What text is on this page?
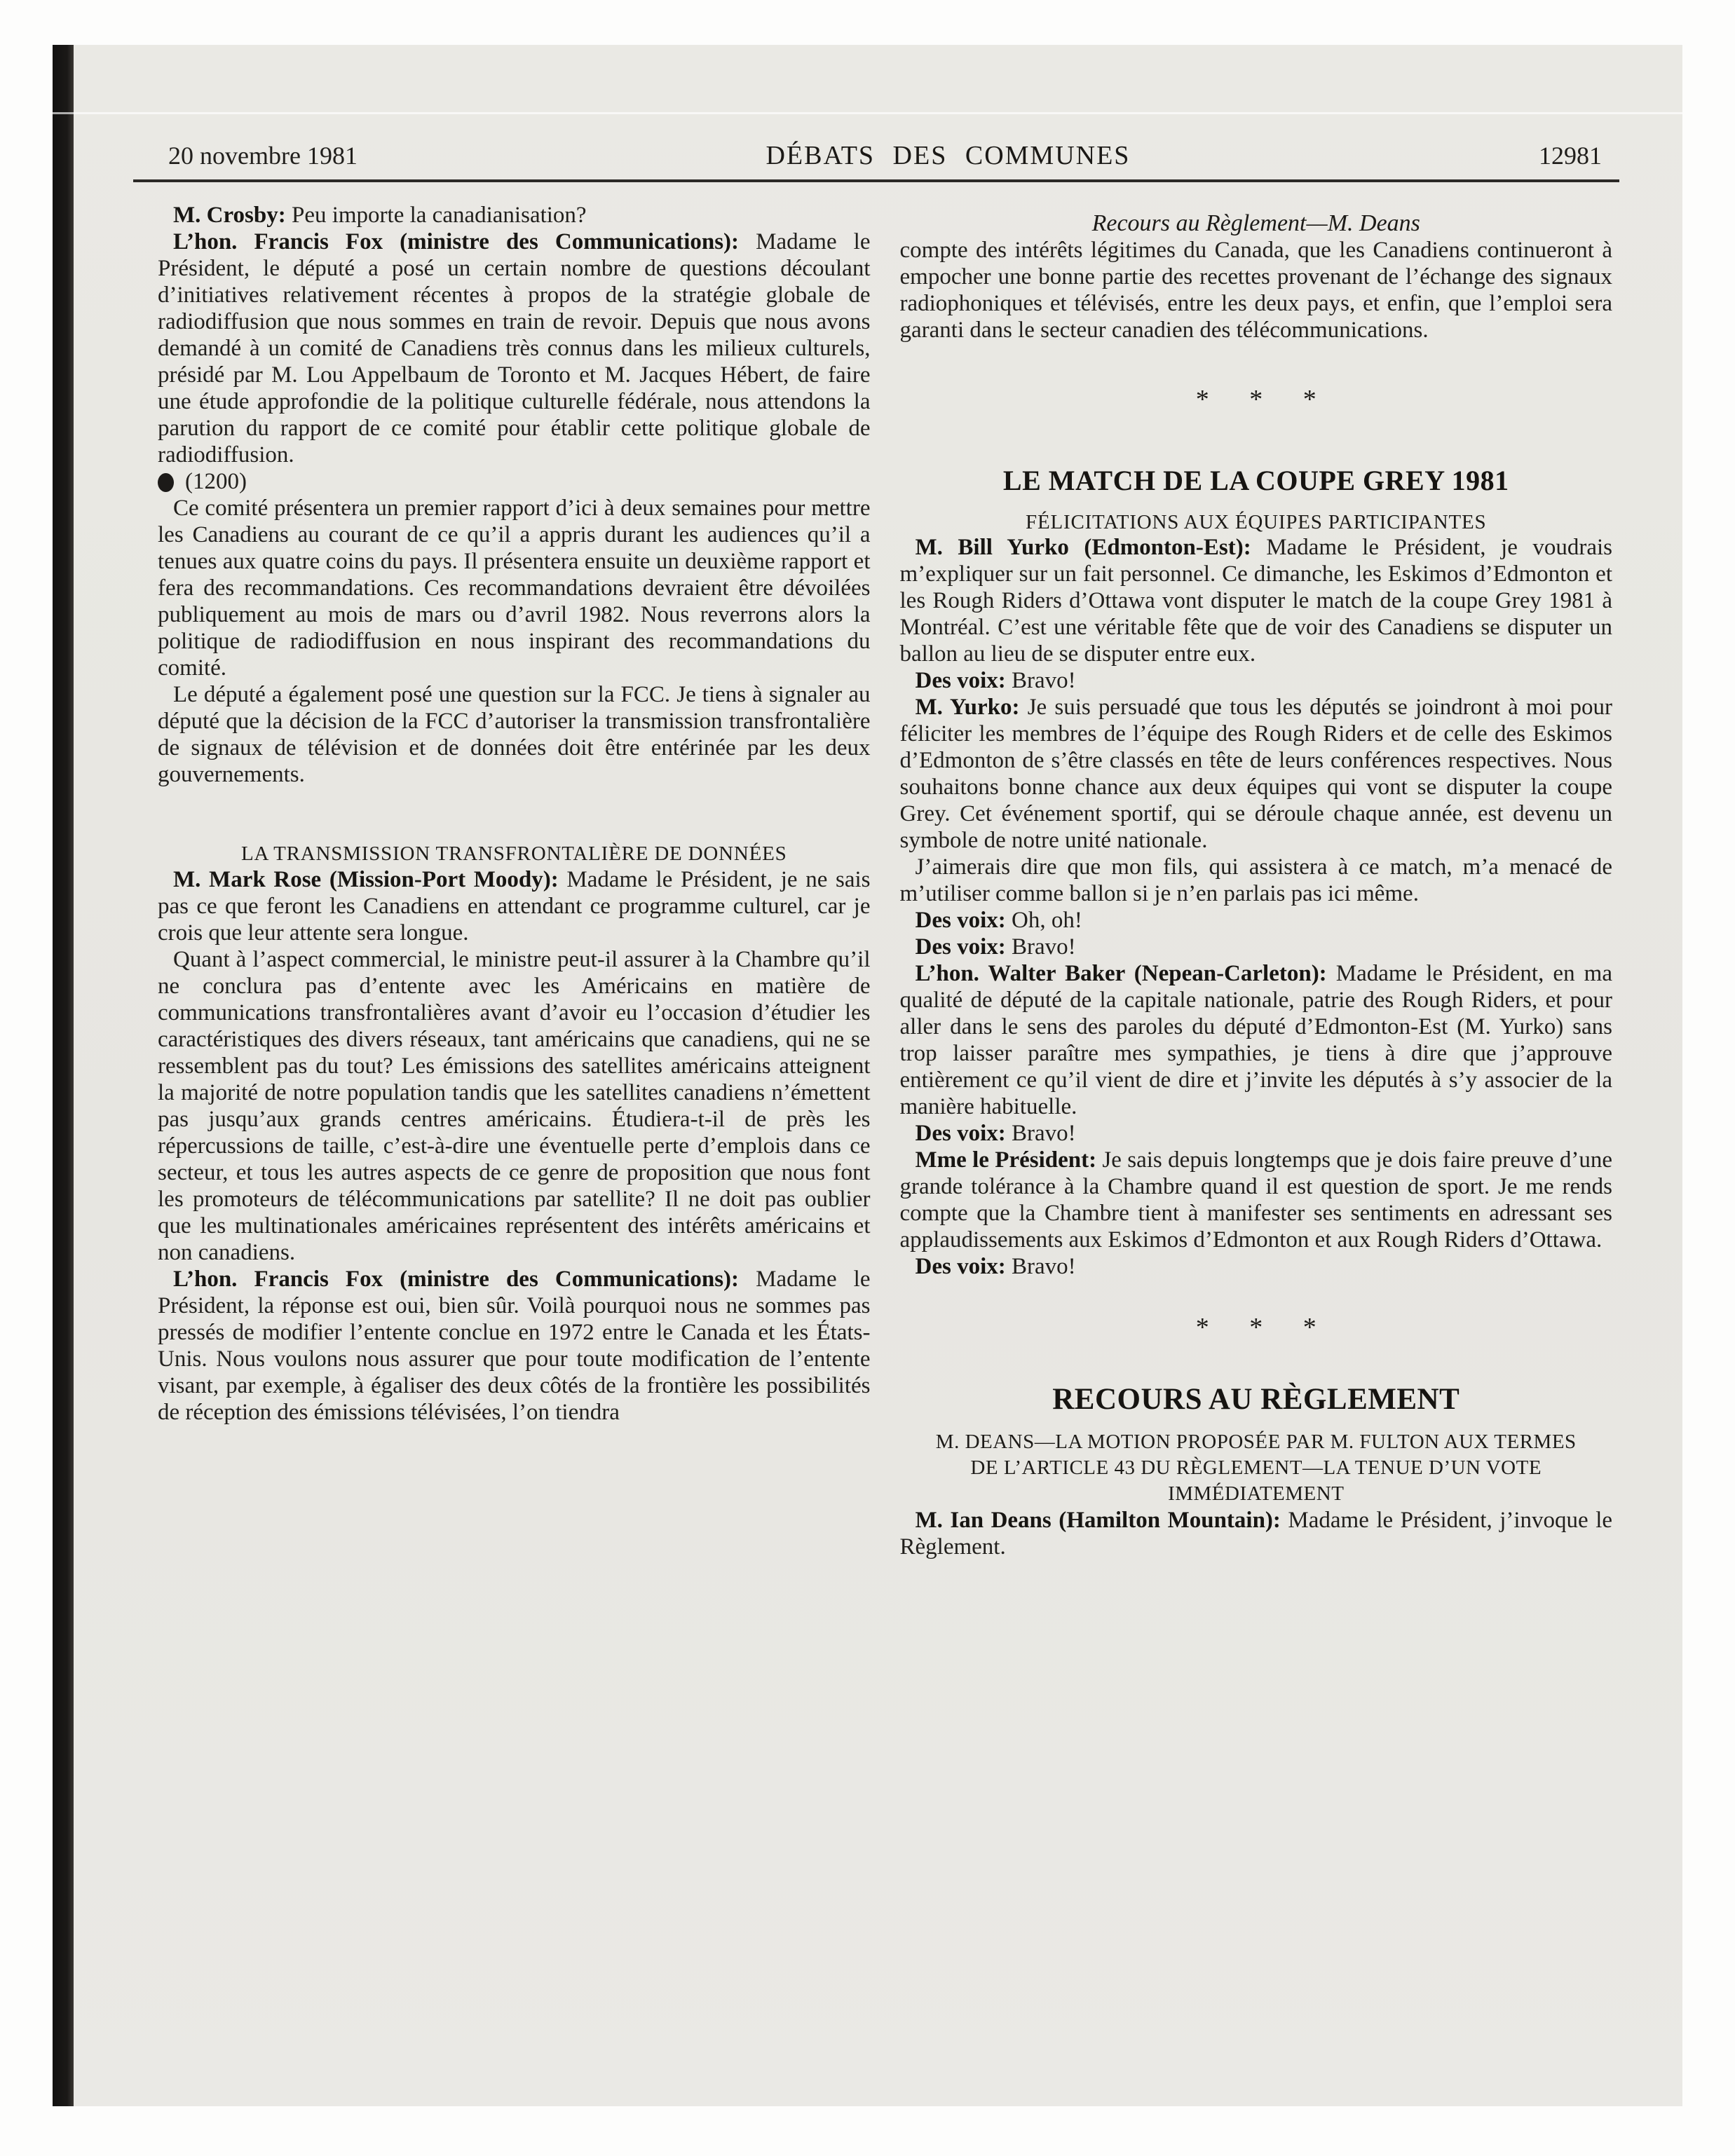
20 novembre 1981	DÉBATS DES COMMUNES	12981

M. Crosby: Peu importe la canadianisation?

L’hon. Francis Fox (ministre des Communications): Madame le Président, le député a posé un certain nombre de questions découlant d’initiatives relativement récentes à propos de la stratégie globale de radiodiffusion que nous sommes en train de revoir. Depuis que nous avons demandé à un comité de Canadiens très connus dans les milieux culturels, présidé par M. Lou Appelbaum de Toronto et M. Jacques Hébert, de faire une étude approfondie de la politique culturelle fédérale, nous attendons la parution du rapport de ce comité pour établir cette politique globale de radiodiffusion.

(1200)

Ce comité présentera un premier rapport d’ici à deux semaines pour mettre les Canadiens au courant de ce qu’il a appris durant les audiences qu’il a tenues aux quatre coins du pays. Il présentera ensuite un deuxième rapport et fera des recommandations. Ces recommandations devraient être dévoilées publiquement au mois de mars ou d’avril 1982. Nous reverrons alors la politique de radiodiffusion en nous inspirant des recommandations du comité.

Le député a également posé une question sur la FCC. Je tiens à signaler au député que la décision de la FCC d’autoriser la transmission transfrontalière de signaux de télévision et de données doit être entérinée par les deux gouvernements.

LA TRANSMISSION TRANSFRONTALIÈRE DE DONNÉES

M. Mark Rose (Mission-Port Moody): Madame le Président, je ne sais pas ce que feront les Canadiens en attendant ce programme culturel, car je crois que leur attente sera longue.

Quant à l’aspect commercial, le ministre peut-il assurer à la Chambre qu’il ne conclura pas d’entente avec les Américains en matière de communications transfrontalières avant d’avoir eu l’occasion d’étudier les caractéristiques des divers réseaux, tant américains que canadiens, qui ne se ressemblent pas du tout? Les émissions des satellites américains atteignent la majorité de notre population tandis que les satellites canadiens n’émettent pas jusqu’aux grands centres américains. Étudiera-t-il de près les répercussions de taille, c’est-à-dire une éventuelle perte d’emplois dans ce secteur, et tous les autres aspects de ce genre de proposition que nous font les promoteurs de télécommunications par satellite? Il ne doit pas oublier que les multinationales américaines représentent des intérêts américains et non canadiens.

L’hon. Francis Fox (ministre des Communications): Madame le Président, la réponse est oui, bien sûr. Voilà pourquoi nous ne sommes pas pressés de modifier l’entente conclue en 1972 entre le Canada et les États-Unis. Nous voulons nous assurer que pour toute modification de l’entente visant, par exemple, à égaliser des deux côtés de la frontière les possibilités de réception des émissions télévisées, l’on tiendra

Recours au Règlement—M. Deans

compte des intérêts légitimes du Canada, que les Canadiens continueront à empocher une bonne partie des recettes provenant de l’échange des signaux radiophoniques et télévisés, entre les deux pays, et enfin, que l’emploi sera garanti dans le secteur canadien des télécommunications.

* * *
LE MATCH DE LA COUPE GREY 1981
FÉLICITATIONS AUX ÉQUIPES PARTICIPANTES

M. Bill Yurko (Edmonton-Est): Madame le Président, je voudrais m’expliquer sur un fait personnel. Ce dimanche, les Eskimos d’Edmonton et les Rough Riders d’Ottawa vont disputer le match de la coupe Grey 1981 à Montréal. C’est une véritable fête que de voir des Canadiens se disputer un ballon au lieu de se disputer entre eux.

Des voix: Bravo!

M. Yurko: Je suis persuadé que tous les députés se joindront à moi pour féliciter les membres de l’équipe des Rough Riders et de celle des Eskimos d’Edmonton de s’être classés en tête de leurs conférences respectives. Nous souhaitons bonne chance aux deux équipes qui vont se disputer la coupe Grey. Cet événement sportif, qui se déroule chaque année, est devenu un symbole de notre unité nationale.

J’aimerais dire que mon fils, qui assistera à ce match, m’a menacé de m’utiliser comme ballon si je n’en parlais pas ici même.

Des voix: Oh, oh!

Des voix: Bravo!

L’hon. Walter Baker (Nepean-Carleton): Madame le Président, en ma qualité de député de la capitale nationale, patrie des Rough Riders, et pour aller dans le sens des paroles du député d’Edmonton-Est (M. Yurko) sans trop laisser paraître mes sympathies, je tiens à dire que j’approuve entièrement ce qu’il vient de dire et j’invite les députés à s’y associer de la manière habituelle.

Des voix: Bravo!

Mme le Président: Je sais depuis longtemps que je dois faire preuve d’une grande tolérance à la Chambre quand il est question de sport. Je me rends compte que la Chambre tient à manifester ses sentiments en adressant ses applaudissements aux Eskimos d’Edmonton et aux Rough Riders d’Ottawa.

Des voix: Bravo!

* * *
RECOURS AU RÈGLEMENT
M. DEANS—LA MOTION PROPOSÉE PAR M. FULTON AUX TERMES DE L’ARTICLE 43 DU RÈGLEMENT—LA TENUE D’UN VOTE IMMÉDIATEMENT

M. Ian Deans (Hamilton Mountain): Madame le Président, j’invoque le Règlement.
